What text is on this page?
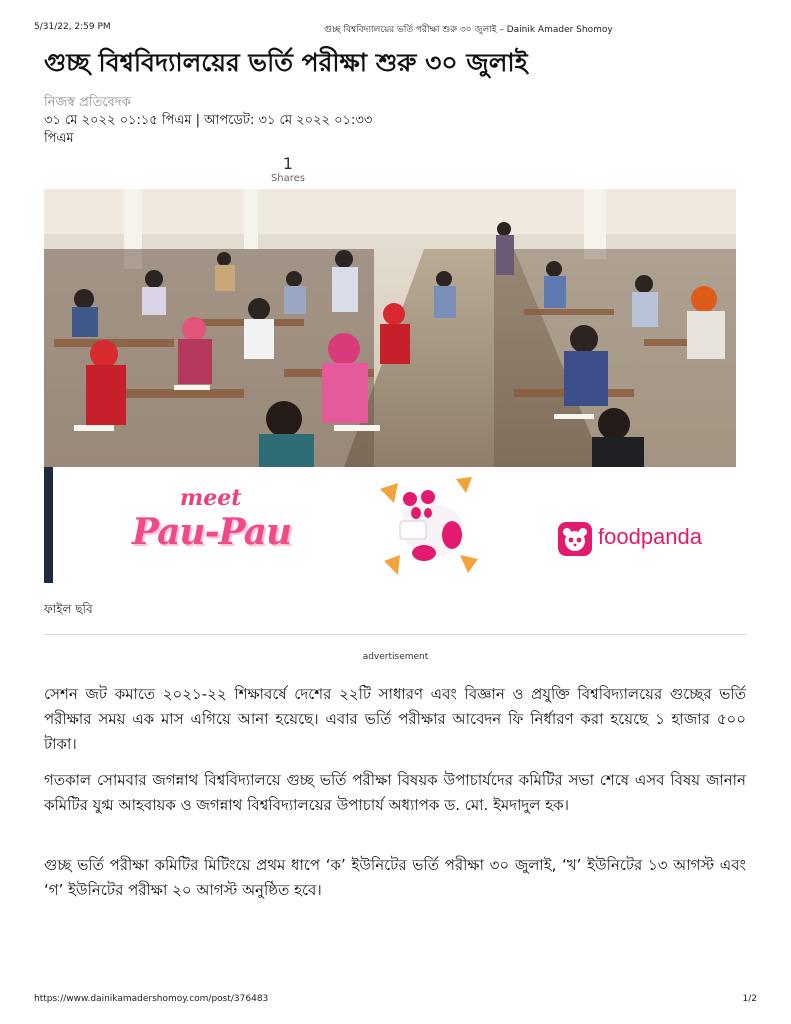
5/31/22, 2:59 PM	গুচ্ছ বিশ্ববিদ্যালয়ের ভর্তি পরীক্ষা শুরু ৩০ জুলাই – Dainik Amader Shomoy
গুচ্ছ বিশ্ববিদ্যালয়ের ভর্তি পরীক্ষা শুরু ৩০ জুলাই
নিজস্ব প্রতিবেদক
৩১ মে ২০২২ ০১:১৫ পিএম | আপডেট: ৩১ মে ২০২২ ০১:৩৩
পিএম
1
Shares
meet
Pau-Pau	foodpanda
ফাইল ছবি
advertisement

সেশন জট কমাতে ২০২১-২২ শিক্ষাবর্ষে দেশের ২২টি সাধারণ এবং বিজ্ঞান ও প্রযুক্তি বিশ্ববিদ্যালয়ের গুচ্ছের ভর্তি পরীক্ষার সময় এক মাস এগিয়ে আনা হয়েছে। এবার ভর্তি পরীক্ষার আবেদন ফি নির্ধারণ করা হয়েছে ১ হাজার ৫০০ টাকা।

গতকাল সোমবার জগন্নাথ বিশ্ববিদ্যালয়ে গুচ্ছ ভর্তি পরীক্ষা বিষয়ক উপাচার্যদের কমিটির সভা শেষে এসব বিষয় জানান কমিটির যুগ্ম আহবায়ক ও জগন্নাথ বিশ্ববিদ্যালয়ের উপাচার্য অধ্যাপক ড. মো. ইমদাদুল হক।

গুচ্ছ ভর্তি পরীক্ষা কমিটির মিটিংয়ে প্রথম ধাপে ‘ক’ ইউনিটের ভর্তি পরীক্ষা ৩০ জুলাই, ‘খ’ ইউনিটের ১৩ আগস্ট এবং ‘গ’ ইউনিটের পরীক্ষা ২০ আগস্ট অনুষ্ঠিত হবে।

https://www.dainikamadershomoy.com/post/376483	1/2
